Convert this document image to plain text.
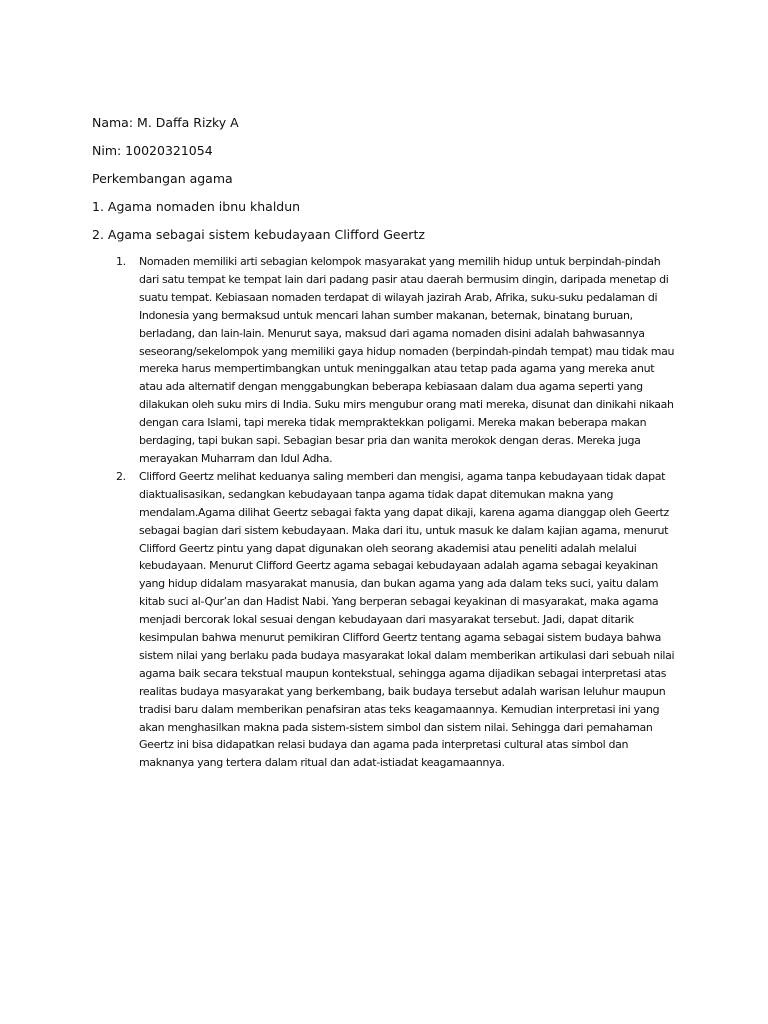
Nama: M. Daffa Rizky A
Nim: 10020321054
Perkembangan agama
1. Agama nomaden ibnu khaldun
2. Agama sebagai sistem kebudayaan Clifford Geertz
1. Nomaden memiliki arti sebagian kelompok masyarakat yang memilih hidup untuk berpindah-pindah dari satu tempat ke tempat lain dari padang pasir atau daerah bermusim dingin, daripada menetap di suatu tempat. Kebiasaan nomaden terdapat di wilayah jazirah Arab, Afrika, suku-suku pedalaman di Indonesia yang bermaksud untuk mencari lahan sumber makanan, beternak, binatang buruan, berladang, dan lain-lain. Menurut saya, maksud dari agama nomaden disini adalah bahwasannya seseorang/sekelompok yang memiliki gaya hidup nomaden (berpindah-pindah tempat) mau tidak mau mereka harus mempertimbangkan untuk meninggalkan atau tetap pada agama yang mereka anut atau ada alternatif dengan menggabungkan beberapa kebiasaan dalam dua agama seperti yang dilakukan oleh suku mirs di India. Suku mirs mengubur orang mati mereka, disunat dan dinikahi nikaah dengan cara Islami, tapi mereka tidak mempraktekkan poligami. Mereka makan beberapa makan berdaging, tapi bukan sapi. Sebagian besar pria dan wanita merokok dengan deras. Mereka juga merayakan Muharram dan Idul Adha.
2. Clifford Geertz melihat keduanya saling memberi dan mengisi, agama tanpa kebudayaan tidak dapat diaktualisasikan, sedangkan kebudayaan tanpa agama tidak dapat ditemukan makna yang mendalam.Agama dilihat Geertz sebagai fakta yang dapat dikaji, karena agama dianggap oleh Geertz sebagai bagian dari sistem kebudayaan. Maka dari itu, untuk masuk ke dalam kajian agama, menurut Clifford Geertz pintu yang dapat digunakan oleh seorang akademisi atau peneliti adalah melalui kebudayaan. Menurut Clifford Geertz agama sebagai kebudayaan adalah agama sebagai keyakinan yang hidup didalam masyarakat manusia, dan bukan agama yang ada dalam teks suci, yaitu dalam kitab suci al-Qur’an dan Hadist Nabi. Yang berperan sebagai keyakinan di masyarakat, maka agama menjadi bercorak lokal sesuai dengan kebudayaan dari masyarakat tersebut. Jadi, dapat ditarik kesimpulan bahwa menurut pemikiran Clifford Geertz tentang agama sebagai sistem budaya bahwa sistem nilai yang berlaku pada budaya masyarakat lokal dalam memberikan artikulasi dari sebuah nilai agama baik secara tekstual maupun kontekstual, sehingga agama dijadikan sebagai interpretasi atas realitas budaya masyarakat yang berkembang, baik budaya tersebut adalah warisan leluhur maupun tradisi baru dalam memberikan penafsiran atas teks keagamaannya. Kemudian interpretasi ini yang akan menghasilkan makna pada sistem-sistem simbol dan sistem nilai. Sehingga dari pemahaman Geertz ini bisa didapatkan relasi budaya dan agama pada interpretasi cultural atas simbol dan maknanya yang tertera dalam ritual dan adat-istiadat keagamaannya.
